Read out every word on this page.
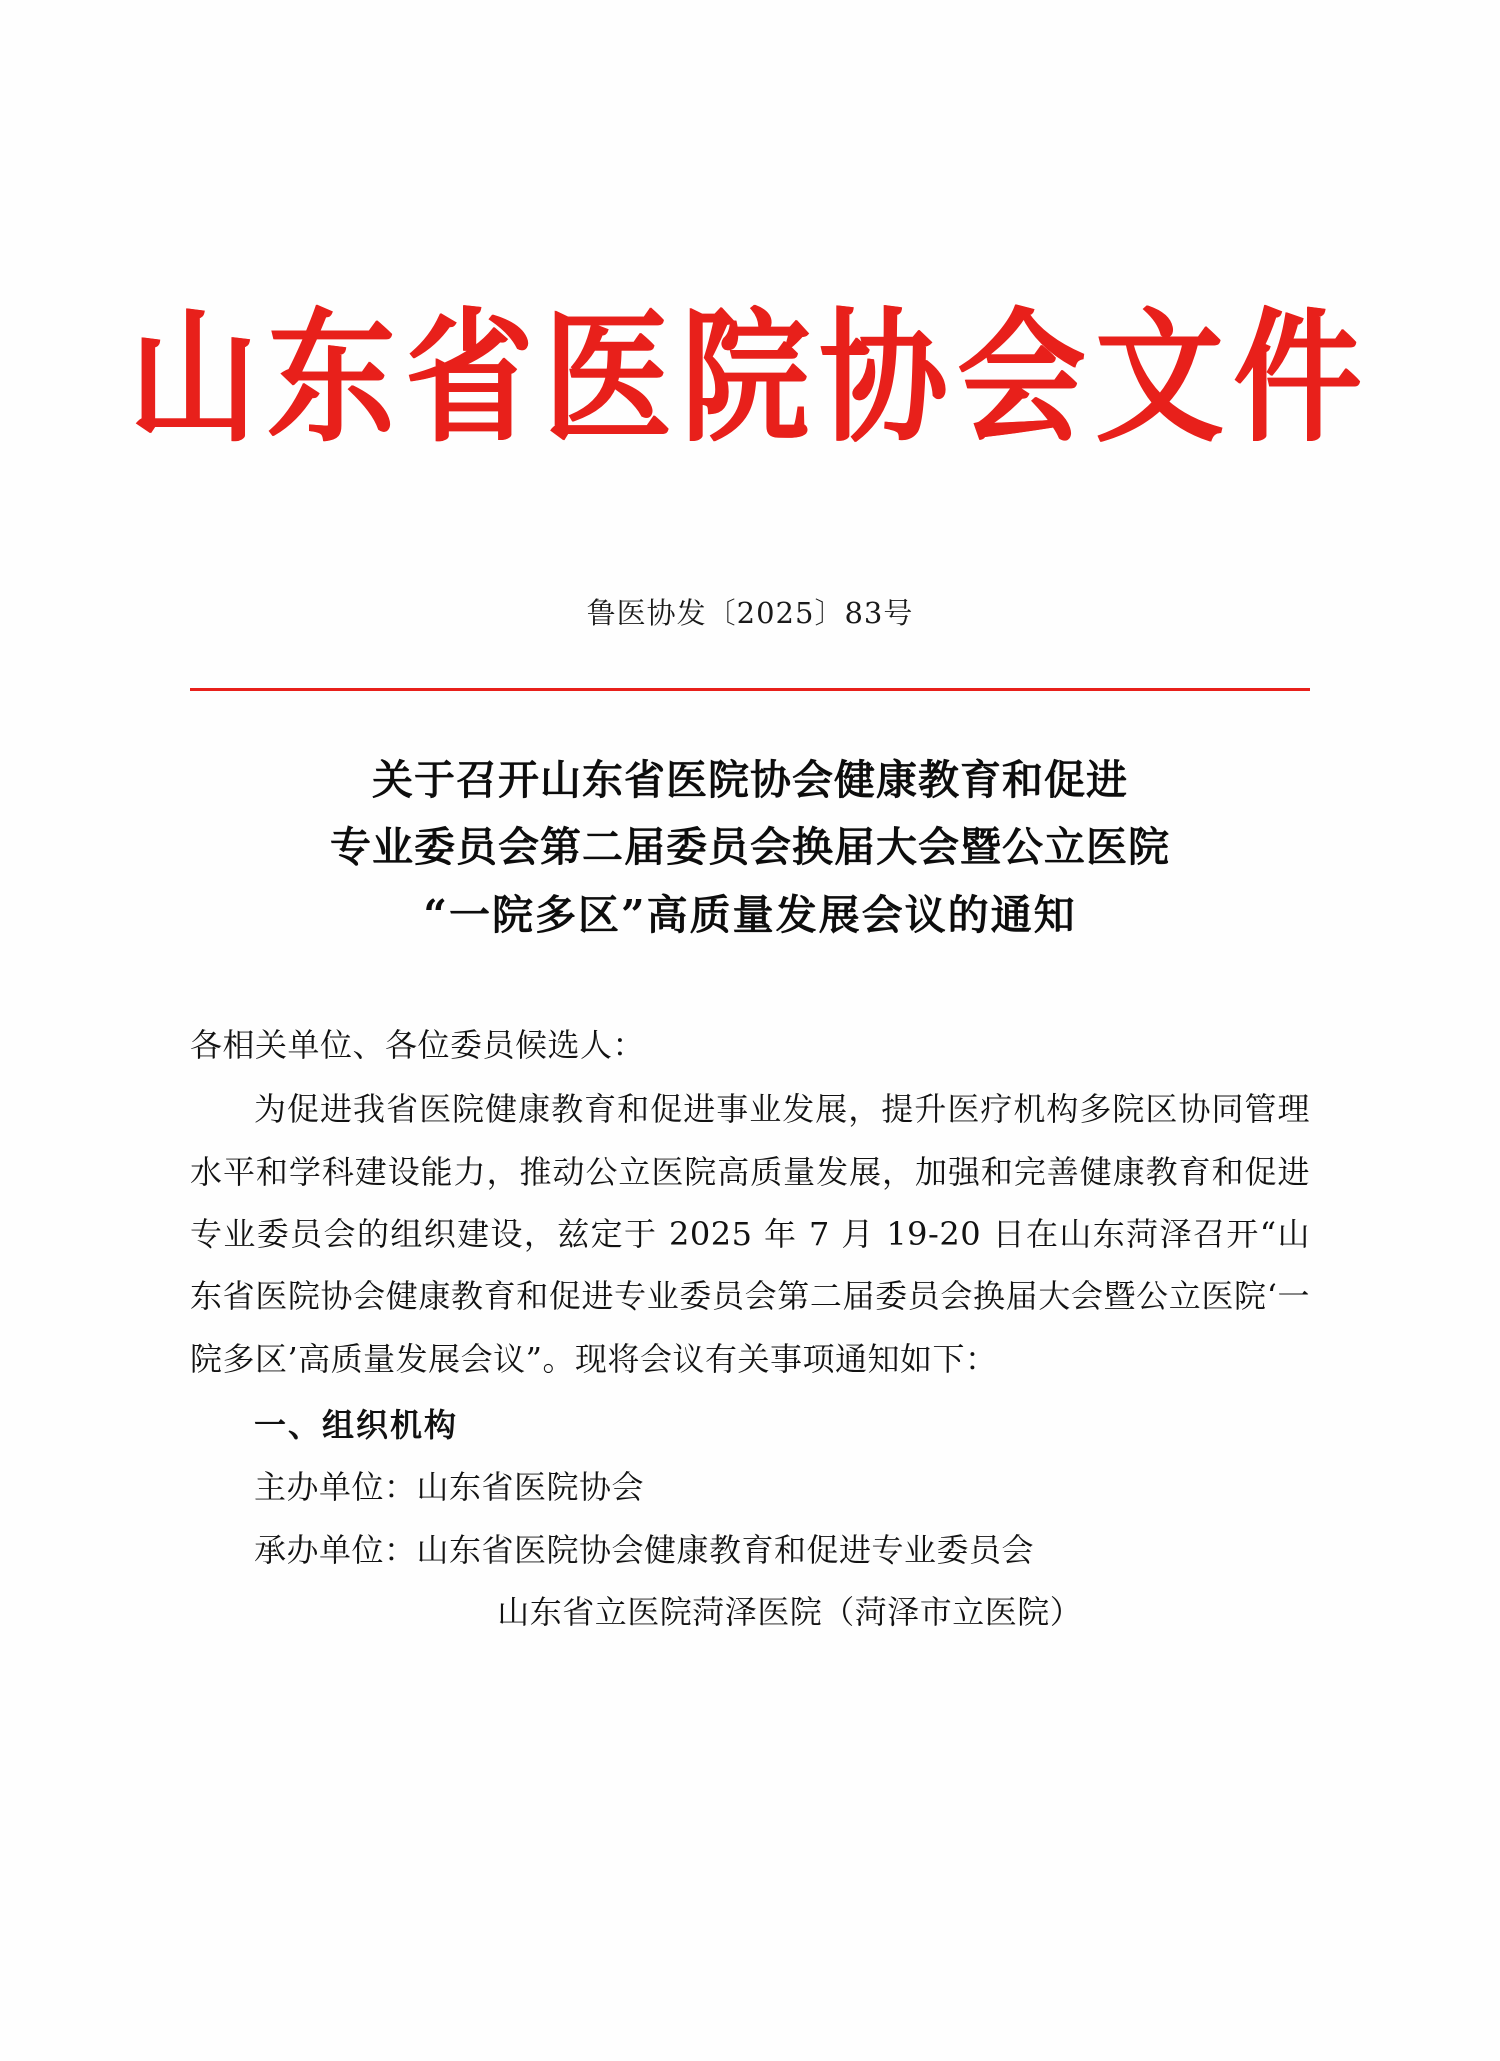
山东省医院协会文件
鲁医协发〔2025〕83号
关于召开山东省医院协会健康教育和促进
专业委员会第二届委员会换届大会暨公立医院
“一院多区”高质量发展会议的通知
各相关单位、各位委员候选人：

为促进我省医院健康教育和促进事业发展，提升医疗机构多院区协同管理水平和学科建设能力，推动公立医院高质量发展，加强和完善健康教育和促进专业委员会的组织建设，兹定于 2025 年 7 月 19-20 日在山东菏泽召开“山东省医院协会健康教育和促进专业委员会第二届委员会换届大会暨公立医院‘一院多区’高质量发展会议”。现将会议有关事项通知如下：

一、组织机构
主办单位：山东省医院协会
承办单位：山东省医院协会健康教育和促进专业委员会
山东省立医院菏泽医院（菏泽市立医院）
